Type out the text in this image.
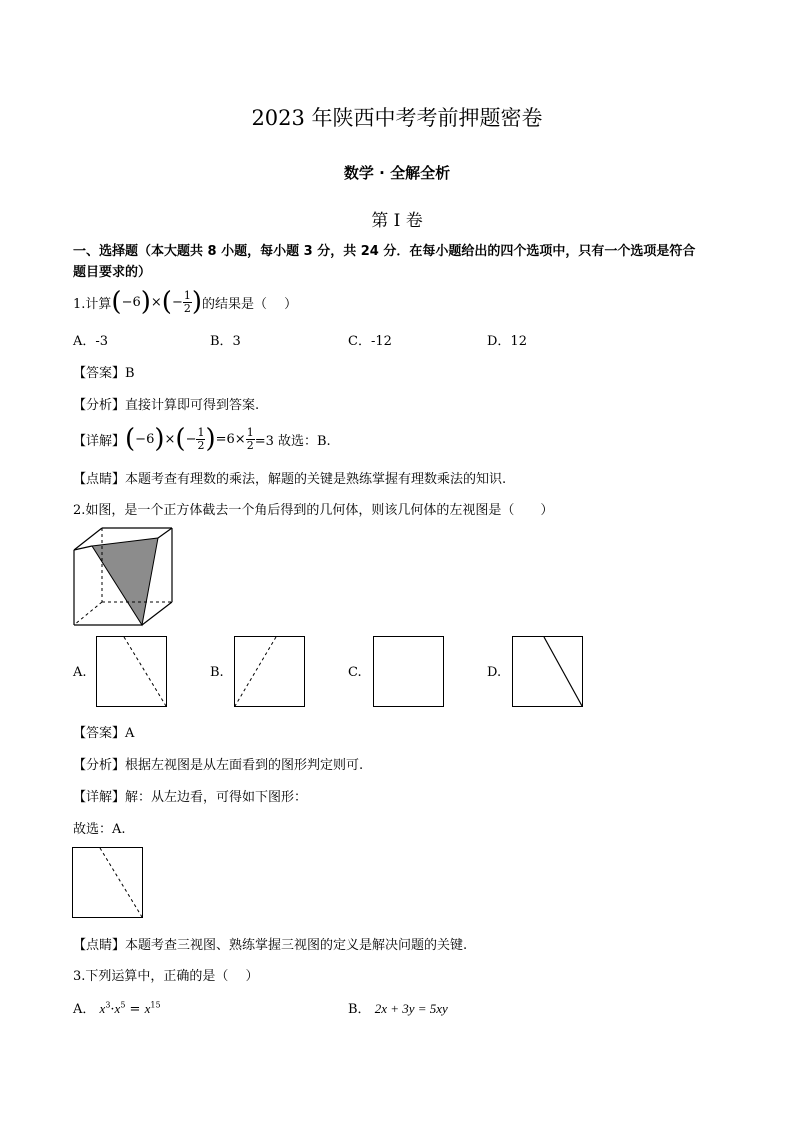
2023 年陕西中考考前押题密卷
数学 · 全解全析
第 Ⅰ 卷
一、选择题（本大题共 8 小题，每小题 3 分，共 24 分．在每小题给出的四个选项中，只有一个选项是符合
题目要求的）
1.计算 ( −6 ) × ( − $\frac{1}{2}$ ) 的结果是（　 ）
A．-3	B．3	C．-12	D．12
【答案】B
【分析】直接计算即可得到答案.
【详解】 ( −6 ) × ( − $\frac{1}{2}$ ) $=6\times \frac{1}{2} =3$ 故选：B.
【点睛】本题考查有理数的乘法，解题的关键是熟练掌握有理数乘法的知识.
2.如图，是一个正方体截去一个角后得到的几何体，则该几何体的左视图是（　　）
A.	B.	C.	D.
【答案】A
【分析】根据左视图是从左面看到的图形判定则可.
【详解】解：从左边看，可得如下图形：
故选：A.
【点睛】本题考查三视图、熟练掌握三视图的定义是解决问题的关键.
3.下列运算中，正确的是（　 ）
A． $x^3\cdot x^5 = x^{15}$	B． 2x + 3y = 5xy
